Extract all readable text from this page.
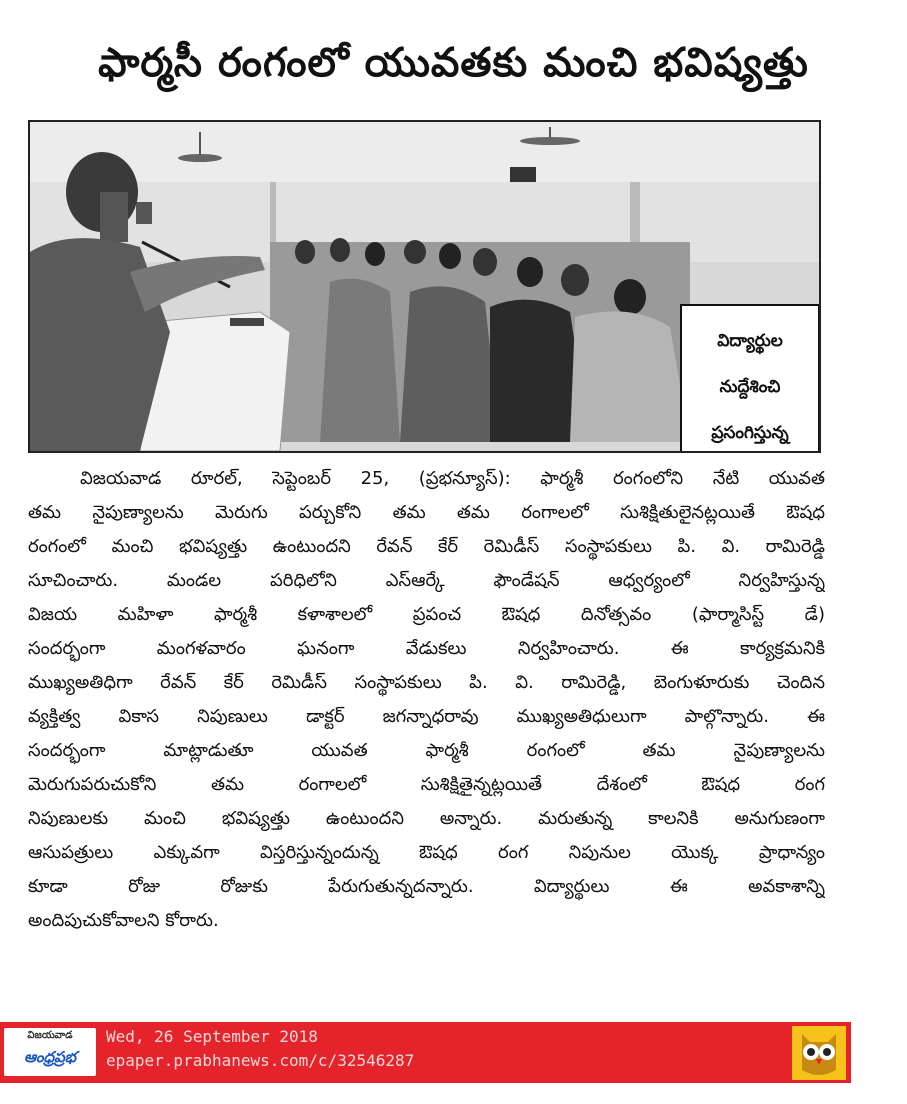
ఫార్మసీ రంగంలో యువతకు మంచి భవిష్యత్తు
విద్యార్థుల
నుద్దేశించి
ప్రసంగిస్తున్న
విజయవాడ రూరల్, సెప్టెంబర్ 25, (ప్రభన్యూస్): ఫార్మశీ రంగంలోని నేటి యువత
తమ నైపుణ్యాలను మెరుగు పర్చుకోని తమ తమ రంగాలలో సుశిక్షితులైనట్లయితే ఔషధ
రంగంలో మంచి భవిష్యత్తు ఉంటుందని రేవన్ కేర్ రెమిడీస్ సంస్థాపకులు పి. వి. రామిరెడ్డి
సూచించారు. మండల పరిధిలోని ఎస్ఆర్కే ఫౌండేషన్ ఆధ్వర్యంలో నిర్వహిస్తున్న
విజయ మహిళా ఫార్మశీ కళాశాలలో ప్రపంచ ఔషధ దినోత్సవం (ఫార్మాసిస్ట్ డే)
సందర్భంగా మంగళవారం ఘనంగా వేడుకలు నిర్వహించారు. ఈ కార్యక్రమనికి
ముఖ్యఅతిధిగా రేవన్ కేర్ రెమిడీస్ సంస్థాపకులు పి. వి. రామిరెడ్డి, బెంగుళూరుకు చెందిన
వ్యక్తిత్వ వికాస నిపుణులు డాక్టర్ జగన్నాధరావు ముఖ్యఅతిధులుగా పాల్గొన్నారు. ఈ
సందర్భంగా మాట్లాడుతూ యువత ఫార్మశీ రంగంలో తమ నైపుణ్యాలను
మెరుగుపరుచుకోని తమ రంగాలలో సుశిక్షితైన్నట్లయితే దేశంలో ఔషధ రంగ
నిపుణులకు మంచి భవిష్యత్తు ఉంటుందని అన్నారు. మరుతున్న కాలనికి అనుగుణంగా
ఆసుపత్రులు ఎక్కువగా విస్తరిస్తున్నందున్న ఔషధ రంగ నిపునుల యొక్క ప్రాధాన్యం
కూడా రోజు రోజుకు పేరుగుతున్నదన్నారు. విద్యార్థులు ఈ అవకాశాన్ని
అందిపుచుకోవాలని కోరారు.
విజయవాడ
ఆంధ్రప్రభ
Wed, 26 September 2018
epaper.prabhanews.com/c/32546287
